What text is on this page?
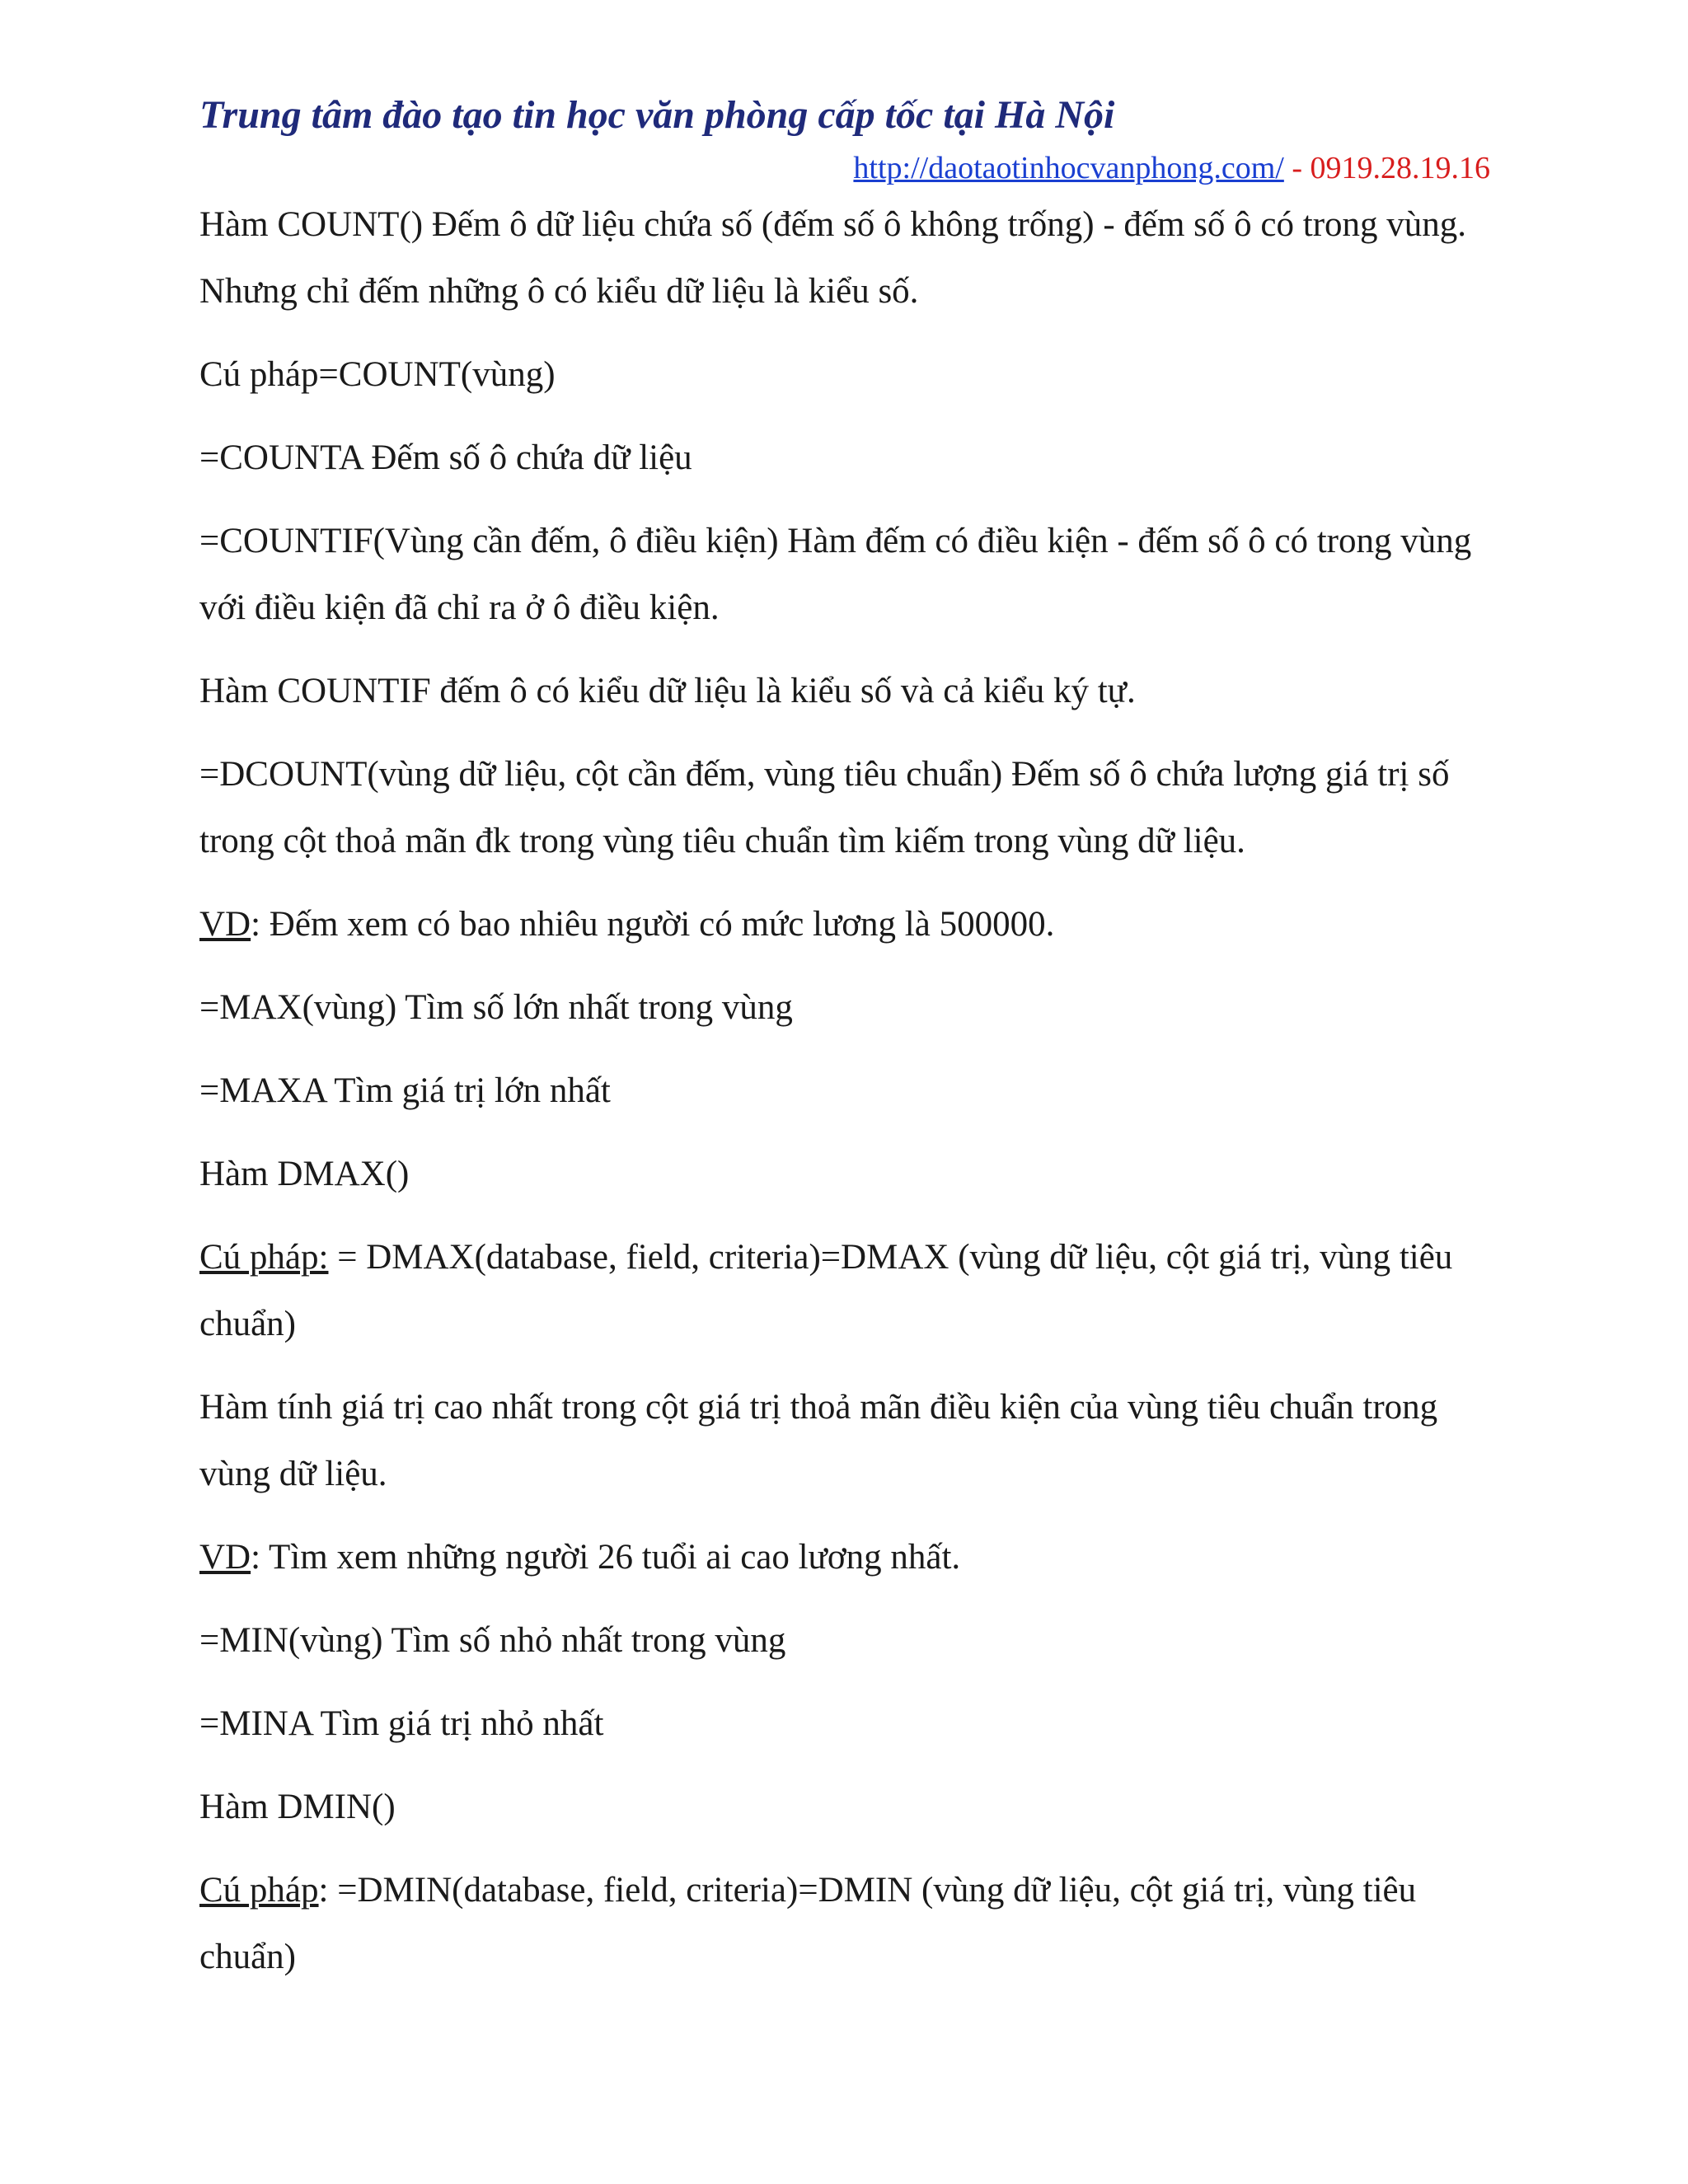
Trung tâm đào tạo tin học văn phòng cấp tốc tại Hà Nội
http://daotaotinhocvanphong.com/ - 0919.28.19.16

Hàm COUNT() Đếm ô dữ liệu chứa số (đếm số ô không trống) - đếm số ô có trong vùng. Nhưng chỉ đếm những ô có kiểu dữ liệu là kiểu số.

Cú pháp=COUNT(vùng)

=COUNTA Đếm số ô chứa dữ liệu

=COUNTIF(Vùng cần đếm, ô điều kiện) Hàm đếm có điều kiện - đếm số ô có trong vùng với điều kiện đã chỉ ra ở ô điều kiện.

Hàm COUNTIF đếm ô có kiểu dữ liệu là kiểu số và cả kiểu ký tự.

=DCOUNT(vùng dữ liệu, cột cần đếm, vùng tiêu chuẩn) Đếm số ô chứa lượng giá trị số trong cột thoả mãn đk trong vùng tiêu chuẩn tìm kiếm trong vùng dữ liệu.

VD: Đếm xem có bao nhiêu người có mức lương là 500000.

=MAX(vùng) Tìm số lớn nhất trong vùng

=MAXA Tìm giá trị lớn nhất

Hàm DMAX()

Cú pháp: = DMAX(database, field, criteria)=DMAX (vùng dữ liệu, cột giá trị, vùng tiêu chuẩn)

Hàm tính giá trị cao nhất trong cột giá trị thoả mãn điều kiện của vùng tiêu chuẩn trong vùng dữ liệu.

VD: Tìm xem những người 26 tuổi ai cao lương nhất.

=MIN(vùng) Tìm số nhỏ nhất trong vùng

=MINA Tìm giá trị nhỏ nhất

Hàm DMIN()

Cú pháp: =DMIN(database, field, criteria)=DMIN (vùng dữ liệu, cột giá trị, vùng tiêu chuẩn)
